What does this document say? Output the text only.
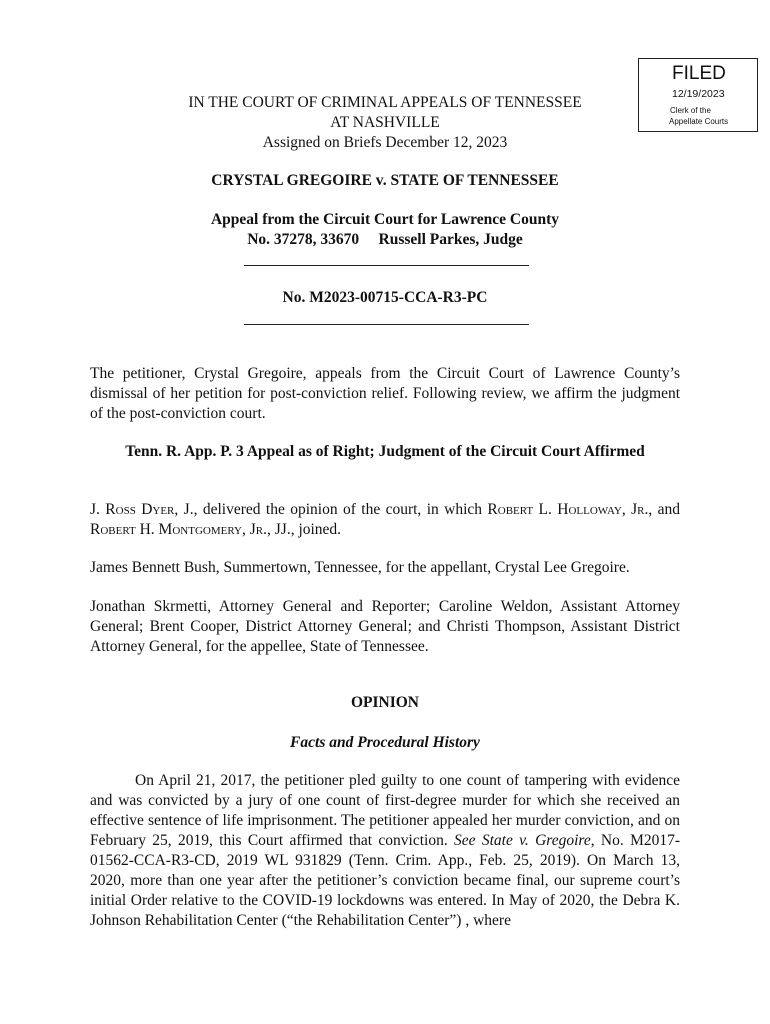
FILED
12/19/2023
Clerk of the
Appellate Courts
IN THE COURT OF CRIMINAL APPEALS OF TENNESSEE
AT NASHVILLE
Assigned on Briefs December 12, 2023
CRYSTAL GREGOIRE v. STATE OF TENNESSEE
Appeal from the Circuit Court for Lawrence County
No. 37278, 33670     Russell Parkes, Judge
No. M2023-00715-CCA-R3-PC

The petitioner, Crystal Gregoire, appeals from the Circuit Court of Lawrence County’s dismissal of her petition for post-conviction relief. Following review, we affirm the judgment of the post-conviction court.

Tenn. R. App. P. 3 Appeal as of Right; Judgment of the Circuit Court Affirmed

J. Ross Dyer, J., delivered the opinion of the court, in which Robert L. Holloway, Jr., and Robert H. Montgomery, Jr., JJ., joined.

James Bennett Bush, Summertown, Tennessee, for the appellant, Crystal Lee Gregoire.

Jonathan Skrmetti, Attorney General and Reporter; Caroline Weldon, Assistant Attorney General; Brent Cooper, District Attorney General; and Christi Thompson, Assistant District Attorney General, for the appellee, State of Tennessee.

OPINION
Facts and Procedural History

On April 21, 2017, the petitioner pled guilty to one count of tampering with evidence and was convicted by a jury of one count of first-degree murder for which she received an effective sentence of life imprisonment. The petitioner appealed her murder conviction, and on February 25, 2019, this Court affirmed that conviction. See State v. Gregoire, No. M2017-01562-CCA-R3-CD, 2019 WL 931829 (Tenn. Crim. App., Feb. 25, 2019). On March 13, 2020, more than one year after the petitioner’s conviction became final, our supreme court’s initial Order relative to the COVID-19 lockdowns was entered. In May of 2020, the Debra K. Johnson Rehabilitation Center (“the Rehabilitation Center”) , where
